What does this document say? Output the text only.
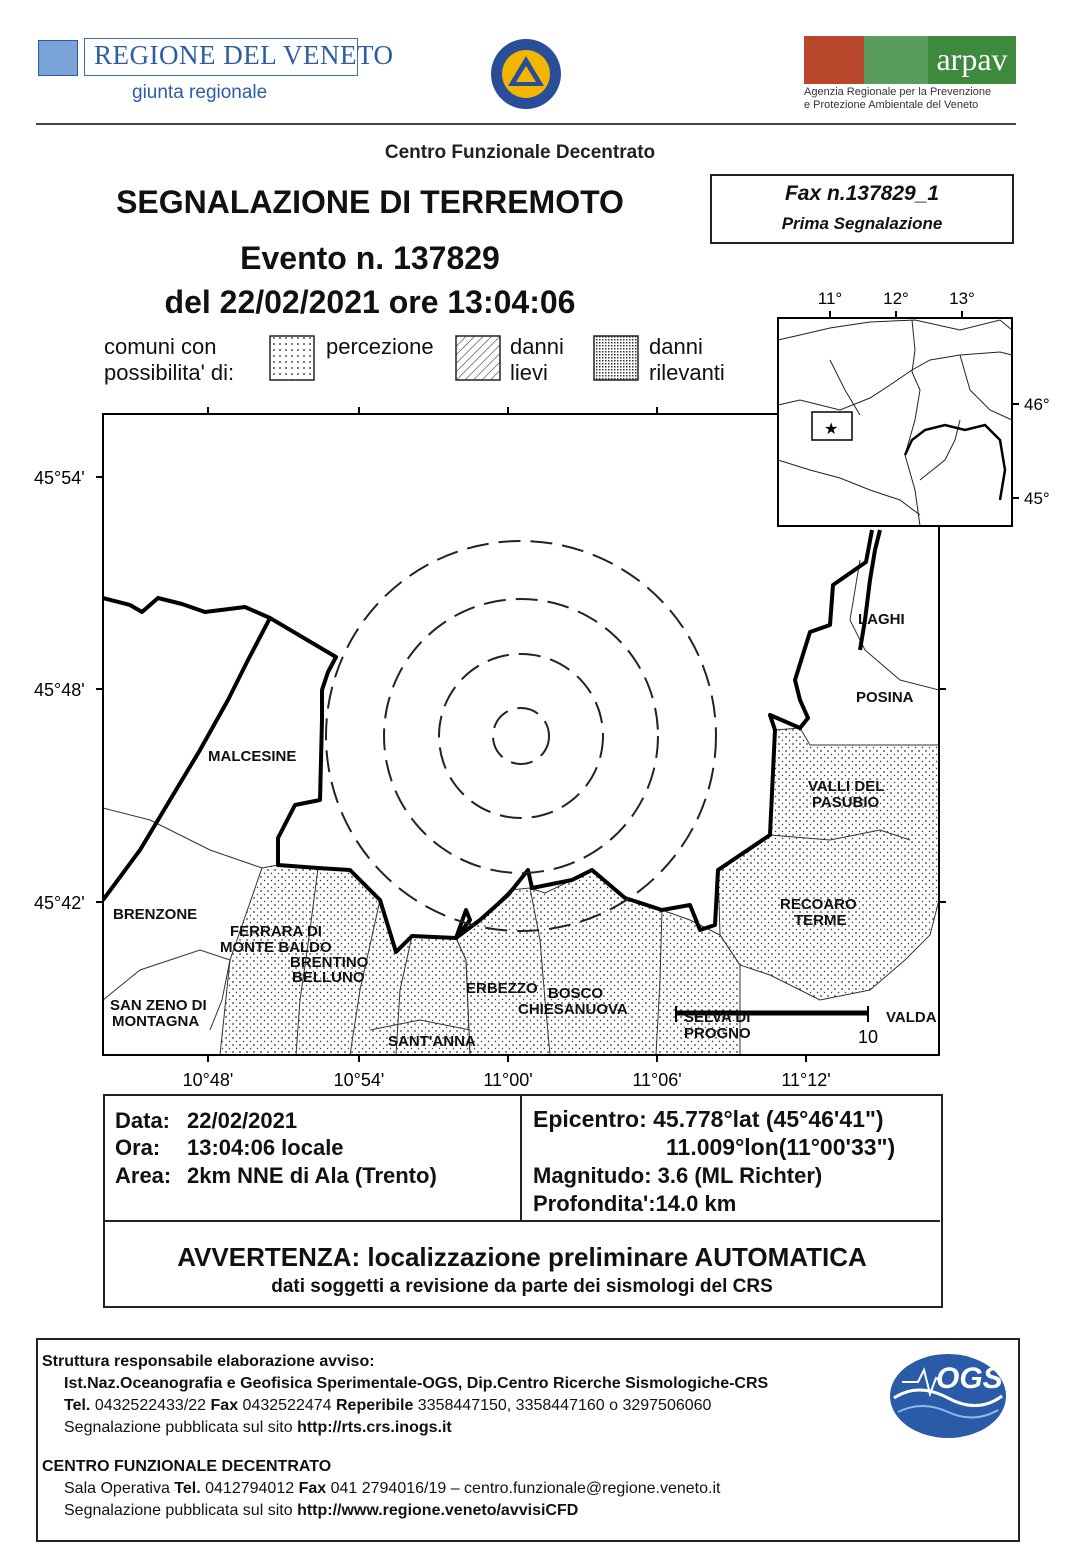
REGIONE DEL VENETO
giunta regionale
arpav
Agenzia Regionale per la Prevenzione
e Protezione Ambientale del Veneto
Centro Funzionale Decentrato
SEGNALAZIONE DI TERREMOTO
Evento n. 137829
del 22/02/2021 ore 13:04:06
Fax n.137829_1
Prima Segnalazione
comuni con
possibilita' di:
percezione	danni
lievi
danni
rilevanti
10
45°54'
45°48'
45°42'
10°48'	10°54'	11°00'	11°06'	11°12'
MALCESINE
BRENZONE
FERRARA DI
MONTE BALDO
BRENTINO
BELLUNO
SAN ZENO DI
MONTAGNA
SANT'ANNA
ERBEZZO BOSCO
CHIESANUOVA	SELVA DI
PROGNO
LAGHI
POSINA
VALLI DEL
PASUBIO
RECOARO
TERME
VALDA
★
11° 12° 13°
46°
45°
Data: 22/02/2021
Ora: 13:04:06 locale
Area: 2km NNE di Ala (Trento)
Epicentro: 45.778°lat (45°46'41")
11.009°lon(11°00'33")
Magnitudo: 3.6 (ML Richter)
Profondita':14.0 km
AVVERTENZA: localizzazione preliminare AUTOMATICA
dati soggetti a revisione da parte dei sismologi del CRS
Struttura responsabile elaborazione avviso:
Ist.Naz.Oceanografia e Geofisica Sperimentale-OGS, Dip.Centro Ricerche Sismologiche-CRS
Tel. 0432522433/22 Fax 0432522474 Reperibile 3358447150, 3358447160 o 3297506060
Segnalazione pubblicata sul sito http://rts.crs.inogs.it
OGS
CENTRO FUNZIONALE DECENTRATO
Sala Operativa Tel. 0412794012 Fax 041 2794016/19 – centro.funzionale@regione.veneto.it
Segnalazione pubblicata sul sito http://www.regione.veneto/avvisiCFD
